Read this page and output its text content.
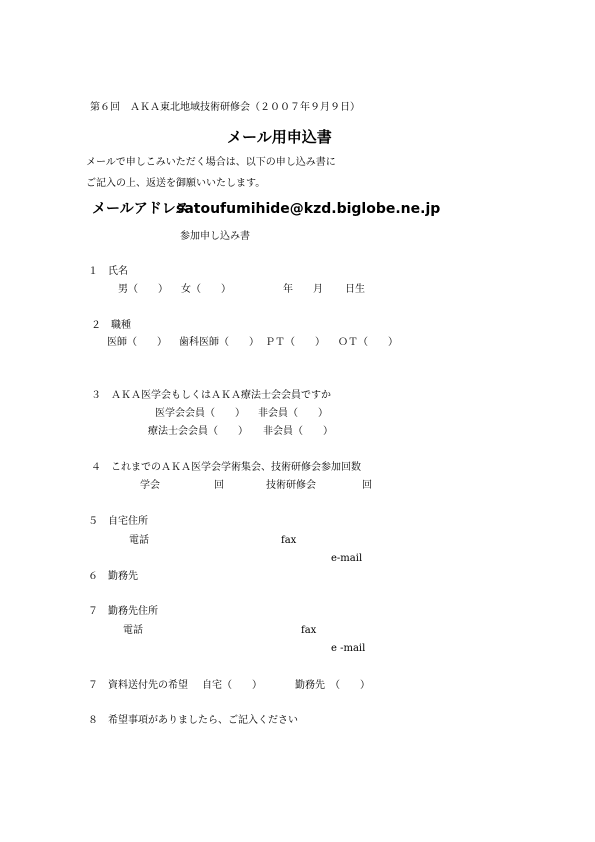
第６回　ＡＫＡ東北地域技術研修会（２００７年９月９日）
メール用申込書
メールで申しこみいただく場合は、以下の申し込み書に
ご記入の上、返送を御願いいたします。
メールアドレス
satoufumihide@kzd.biglobe.ne.jp
参加申し込み書
１　氏名
男（　　） 女（　　）	年 月 日生
２　職種
医師（　　） 歯科医師（　　） ＰＴ（　　） ＯＴ（　　）
３　ＡＫＡ医学会もしくはＡＫＡ療法士会会員ですか
医学会会員（　　） 非会員（　　）
療法士会会員（　　） 非会員（　　）
４　これまでのＡＫＡ医学会学術集会、技術研修会参加回数
学会	回	技術研修会	回
５　自宅住所
電話	fax
e-mail
６　勤務先
７　勤務先住所
電話	fax
e -mail
７　資料送付先の希望 自宅（　　）	勤務先　（　　）
８　希望事項がありましたら、ご記入ください
